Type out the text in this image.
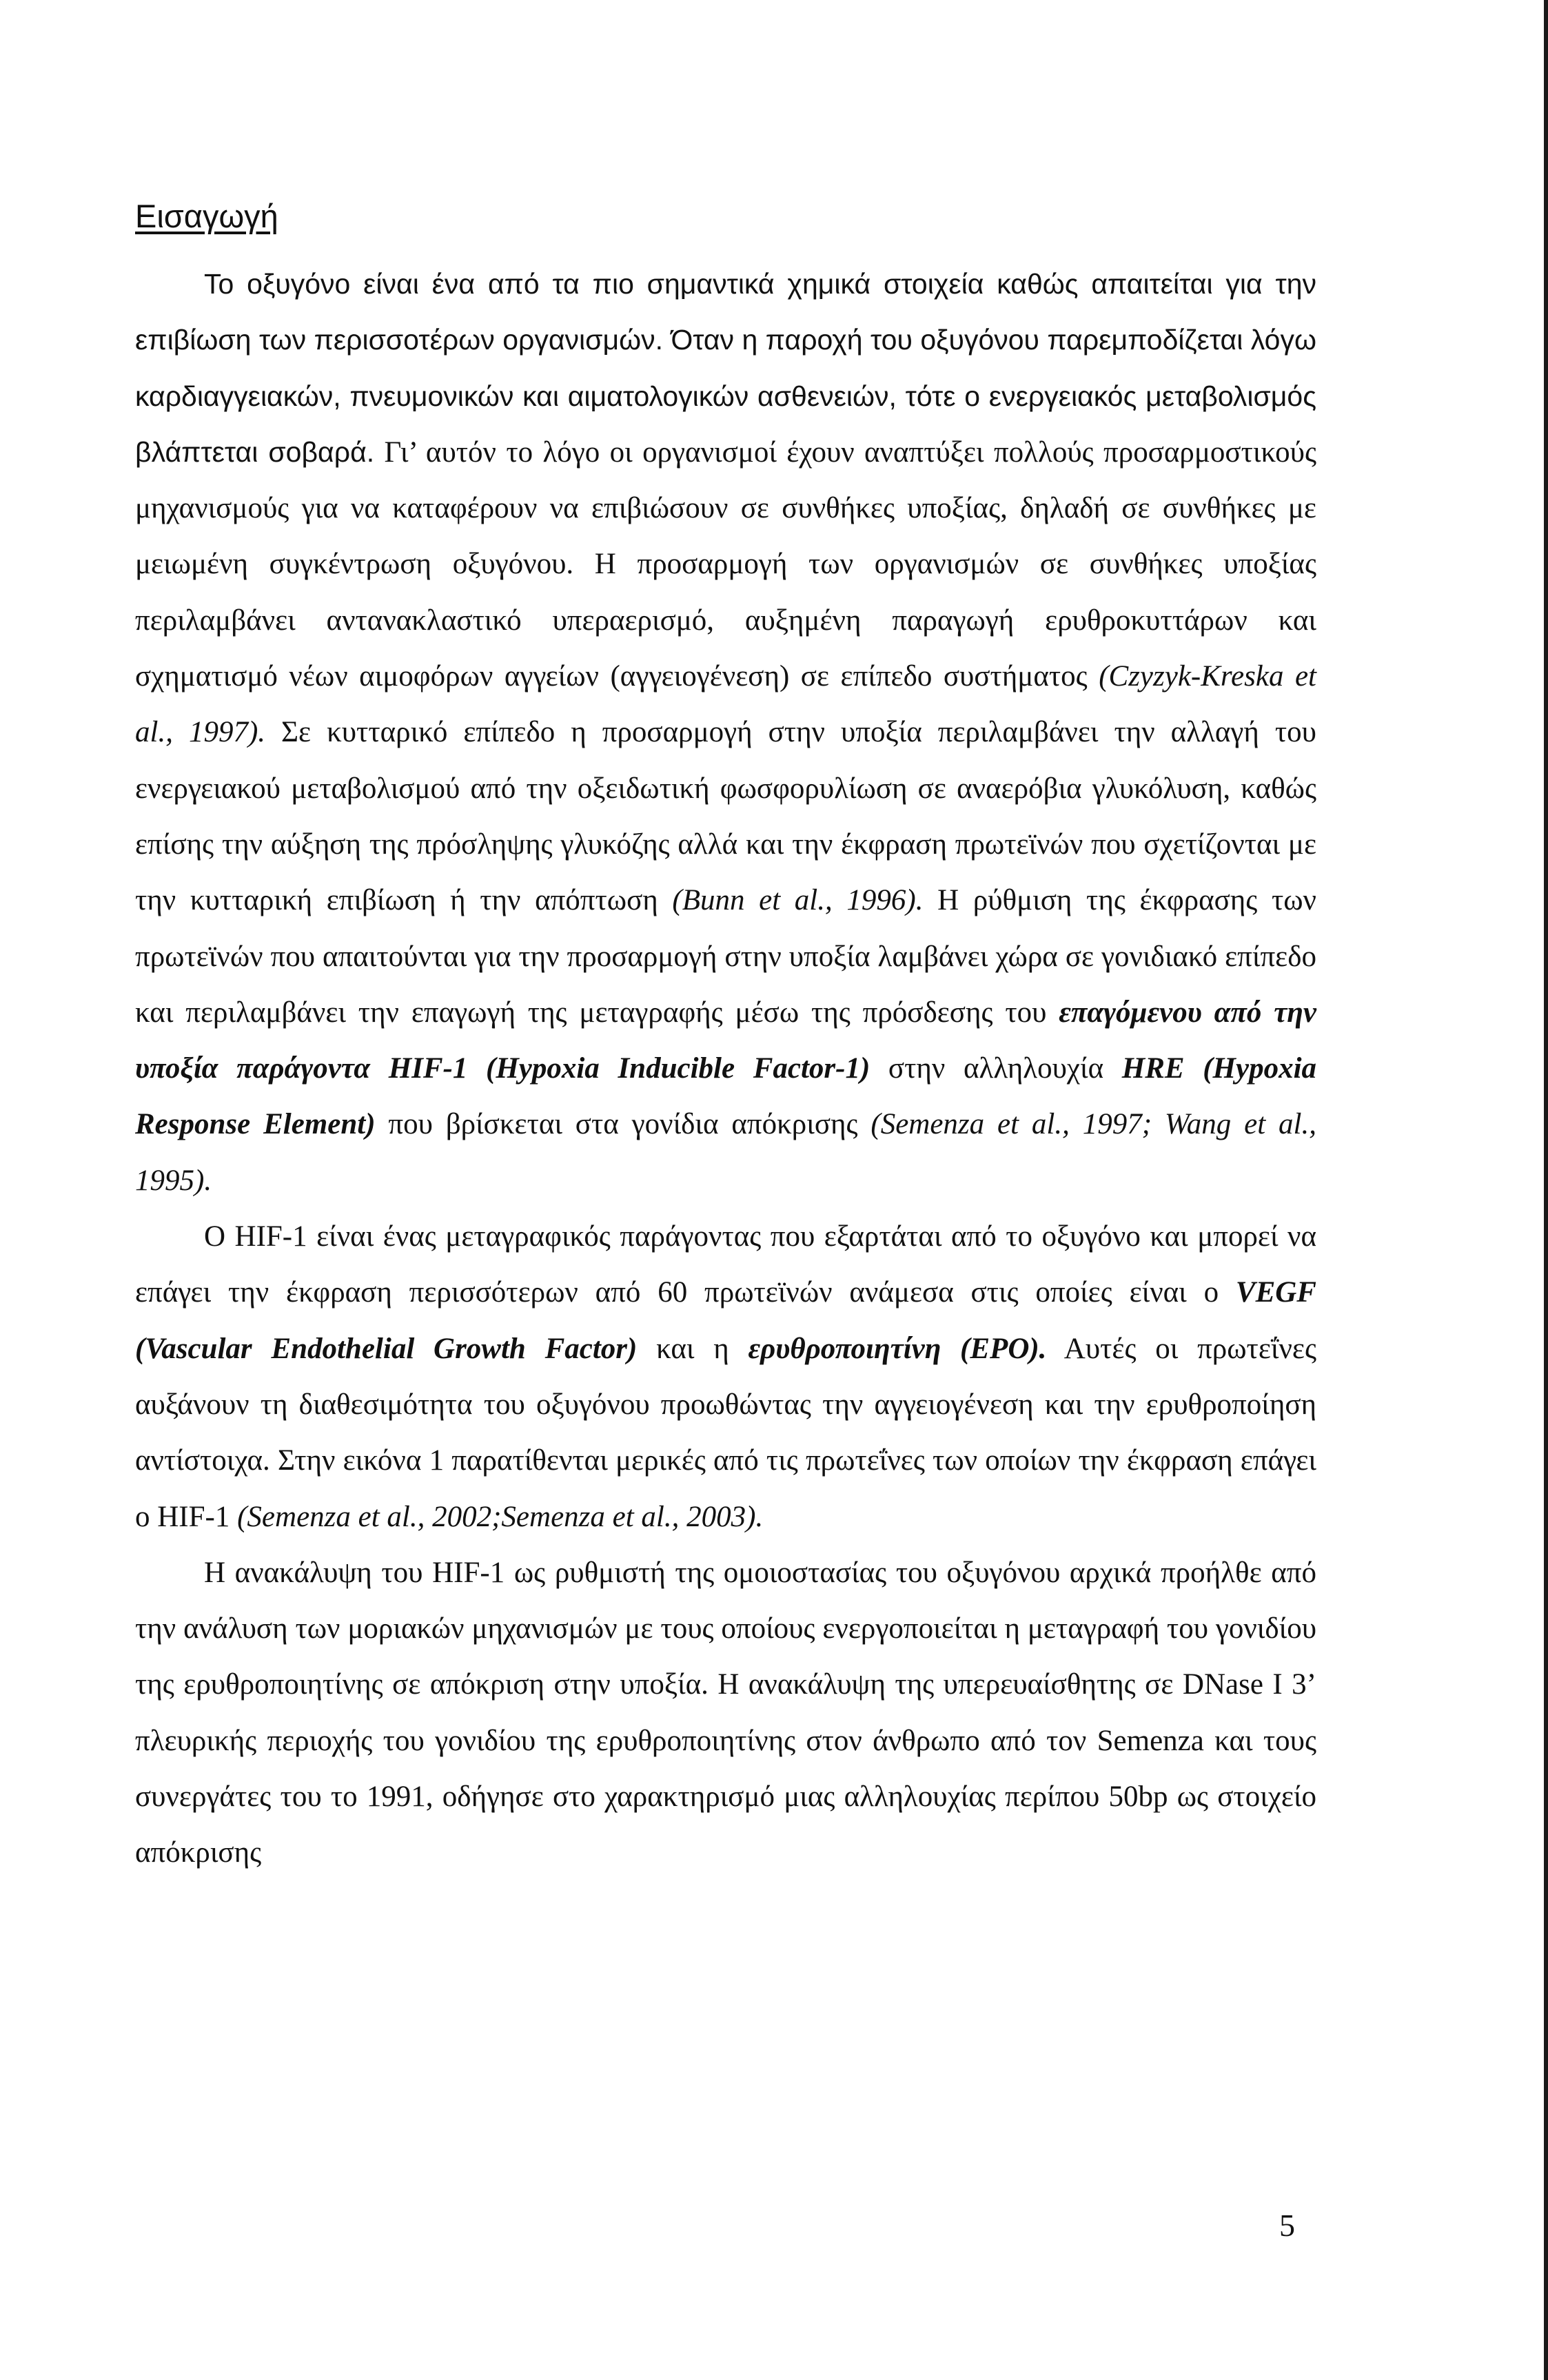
Εισαγωγή

Το οξυγόνο είναι ένα από τα πιο σημαντικά χημικά στοιχεία καθώς απαιτείται για την επιβίωση των περισσοτέρων οργανισμών. Όταν η παροχή του οξυγόνου παρεμποδίζεται λόγω καρδιαγγειακών, πνευμονικών και αιματολογικών ασθενειών, τότε ο ενεργειακός μεταβολισμός βλάπτεται σοβαρά. Γι’ αυτόν το λόγο οι οργανισμοί έχουν αναπτύξει πολλούς προσαρμοστικούς μηχανισμούς για να καταφέρουν να επιβιώσουν σε συνθήκες υποξίας, δηλαδή σε συνθήκες με μειωμένη συγκέντρωση οξυγόνου. Η προσαρμογή των οργανισμών σε συνθήκες υποξίας περιλαμβάνει αντανακλαστικό υπεραερισμό, αυξημένη παραγωγή ερυθροκυττάρων και σχηματισμό νέων αιμοφόρων αγγείων (αγγειογένεση) σε επίπεδο συστήματος (Czyzyk-Kreska et al., 1997). Σε κυτταρικό επίπεδο η προσαρμογή στην υποξία περιλαμβάνει την αλλαγή του ενεργειακού μεταβολισμού από την οξειδωτική φωσφορυλίωση σε αναερόβια γλυκόλυση, καθώς επίσης την αύξηση της πρόσληψης γλυκόζης αλλά και την έκφραση πρωτεϊνών που σχετίζονται με την κυτταρική επιβίωση ή την απόπτωση (Bunn et al., 1996). Η ρύθμιση της έκφρασης των πρωτεϊνών που απαιτούνται για την προσαρμογή στην υποξία λαμβάνει χώρα σε γονιδιακό επίπεδο και περιλαμβάνει την επαγωγή της μεταγραφής μέσω της πρόσδεσης του επαγόμενου από την υποξία παράγοντα HIF-1 (Hypoxia Inducible Factor-1) στην αλληλουχία HRE (Hypoxia Response Element) που βρίσκεται στα γονίδια απόκρισης (Semenza et al., 1997; Wang et al., 1995).

Ο HIF-1 είναι ένας μεταγραφικός παράγοντας που εξαρτάται από το οξυγόνο και μπορεί να επάγει την έκφραση περισσότερων από 60 πρωτεϊνών ανάμεσα στις οποίες είναι ο VEGF (Vascular Endothelial Growth Factor) και η ερυθροποιητίνη (EPO). Αυτές οι πρωτεΐνες αυξάνουν τη διαθεσιμότητα του οξυγόνου προωθώντας την αγγειογένεση και την ερυθροποίηση αντίστοιχα. Στην εικόνα 1 παρατίθενται μερικές από τις πρωτεΐνες των οποίων την έκφραση επάγει ο HIF-1 (Semenza et al., 2002;Semenza et al., 2003).

Η ανακάλυψη του HIF-1 ως ρυθμιστή της ομοιοστασίας του οξυγόνου αρχικά προήλθε από την ανάλυση των μοριακών μηχανισμών με τους οποίους ενεργοποιείται η μεταγραφή του γονιδίου της ερυθροποιητίνης σε απόκριση στην υποξία. Η ανακάλυψη της υπερευαίσθητης σε DNase I 3’ πλευρικής περιοχής του γονιδίου της ερυθροποιητίνης στον άνθρωπο από τον Semenza και τους συνεργάτες του το 1991, οδήγησε στο χαρακτηρισμό μιας αλληλουχίας περίπου 50bp ως στοιχείο απόκρισης

5
